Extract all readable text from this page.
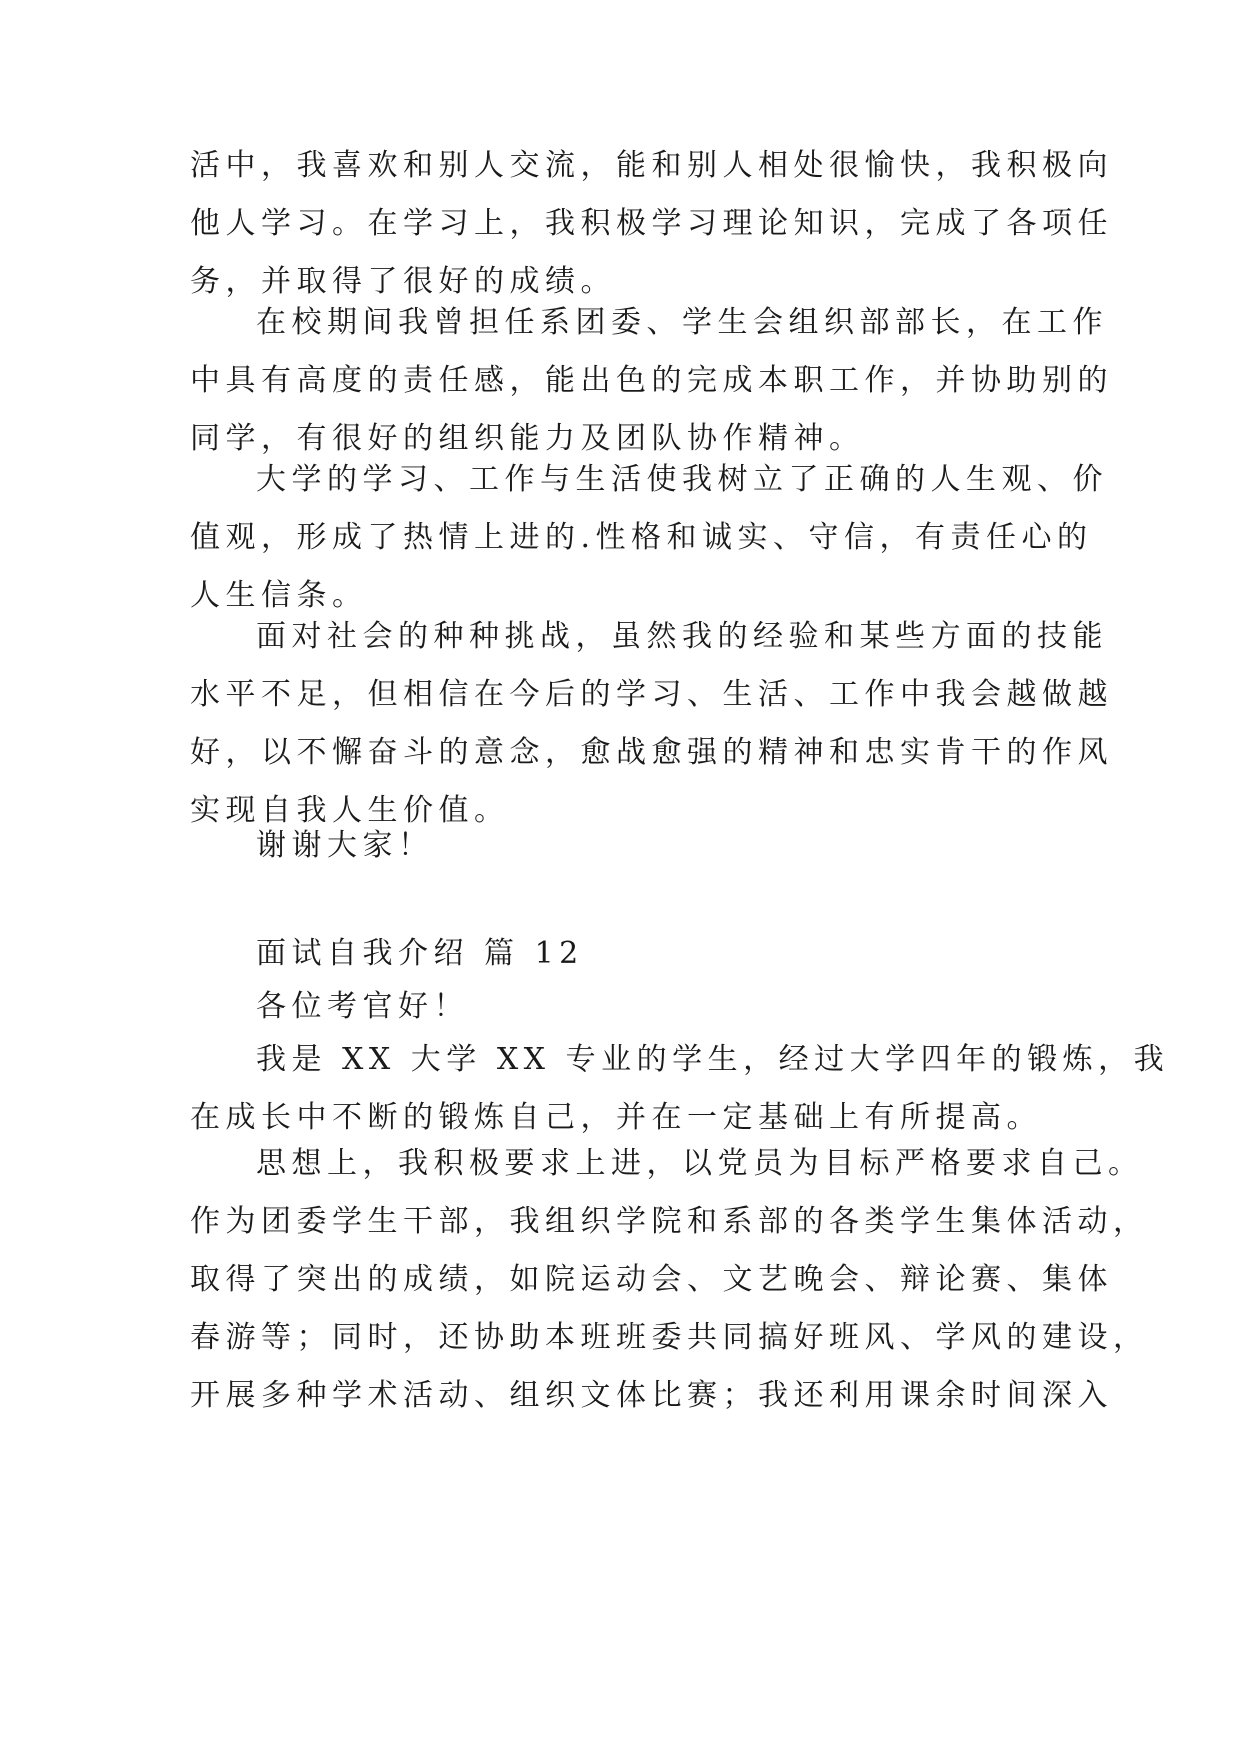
活中，我喜欢和别人交流，能和别人相处很愉快，我积极向
他人学习。在学习上，我积极学习理论知识，完成了各项任
务，并取得了很好的成绩。
在校期间我曾担任系团委、学生会组织部部长，在工作
中具有高度的责任感，能出色的完成本职工作，并协助别的
同学，有很好的组织能力及团队协作精神。
大学的学习、工作与生活使我树立了正确的人生观、价
值观，形成了热情上进的.性格和诚实、守信，有责任心的
人生信条。
面对社会的种种挑战，虽然我的经验和某些方面的技能
水平不足，但相信在今后的学习、生活、工作中我会越做越
好，以不懈奋斗的意念，愈战愈强的精神和忠实肯干的作风
实现自我人生价值。
谢谢大家！
面试自我介绍 篇 12
各位考官好！
我是 XX 大学 XX 专业的学生，经过大学四年的锻炼，我
在成长中不断的锻炼自己，并在一定基础上有所提高。
思想上，我积极要求上进，以党员为目标严格要求自己。
作为团委学生干部，我组织学院和系部的各类学生集体活动，
取得了突出的成绩，如院运动会、文艺晚会、辩论赛、集体
春游等；同时，还协助本班班委共同搞好班风、学风的建设，
开展多种学术活动、组织文体比赛；我还利用课余时间深入
